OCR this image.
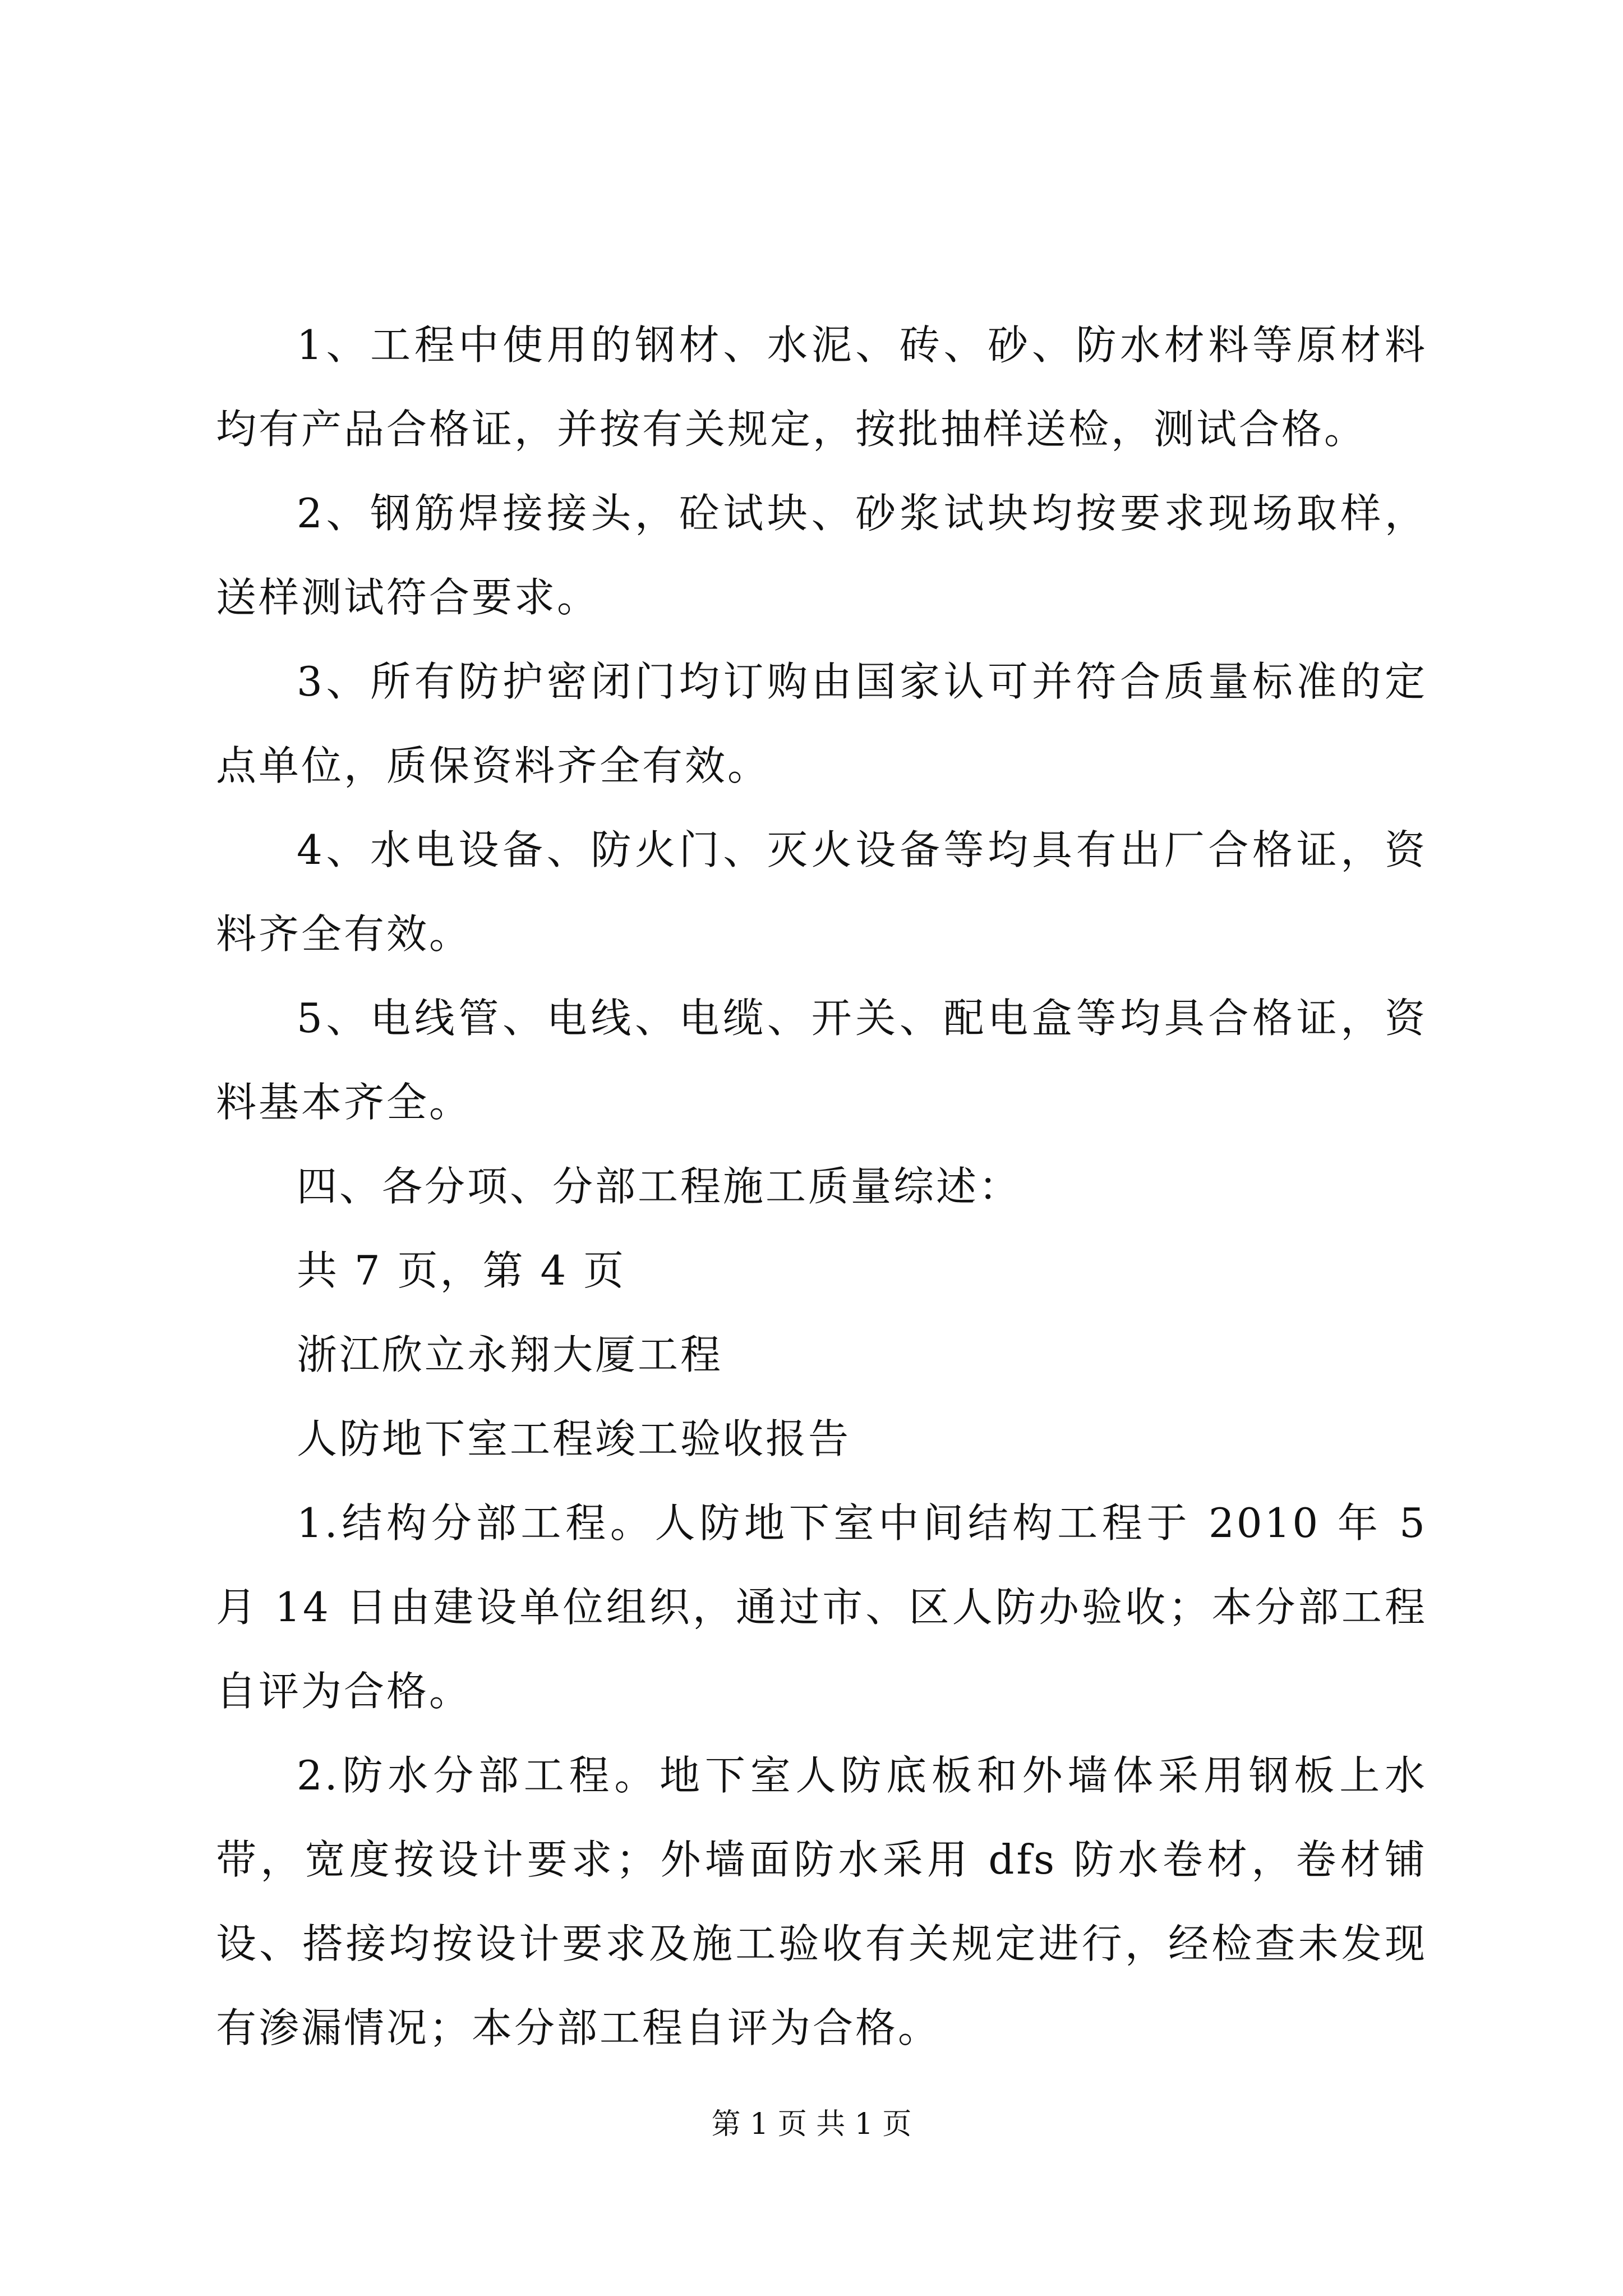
1、工程中使用的钢材、水泥、砖、砂、防水材料等原材料均有产品合格证，并按有关规定，按批抽样送检，测试合格。

2、钢筋焊接接头，砼试块、砂浆试块均按要求现场取样，送样测试符合要求。

3、所有防护密闭门均订购由国家认可并符合质量标准的定点单位，质保资料齐全有效。

4、水电设备、防火门、灭火设备等均具有出厂合格证，资料齐全有效。

5、电线管、电线、电缆、开关、配电盒等均具合格证，资料基本齐全。

四、各分项、分部工程施工质量综述：

共 7 页，第 4 页

浙江欣立永翔大厦工程

人防地下室工程竣工验收报告

1.结构分部工程。人防地下室中间结构工程于 2010 年 5 月 14 日由建设单位组织，通过市、区人防办验收；本分部工程自评为合格。

2.防水分部工程。地下室人防底板和外墙体采用钢板上水带，宽度按设计要求；外墙面防水采用 dfs 防水卷材，卷材铺设、搭接均按设计要求及施工验收有关规定进行，经检查未发现有渗漏情况；本分部工程自评为合格。

第 1 页 共 1 页
